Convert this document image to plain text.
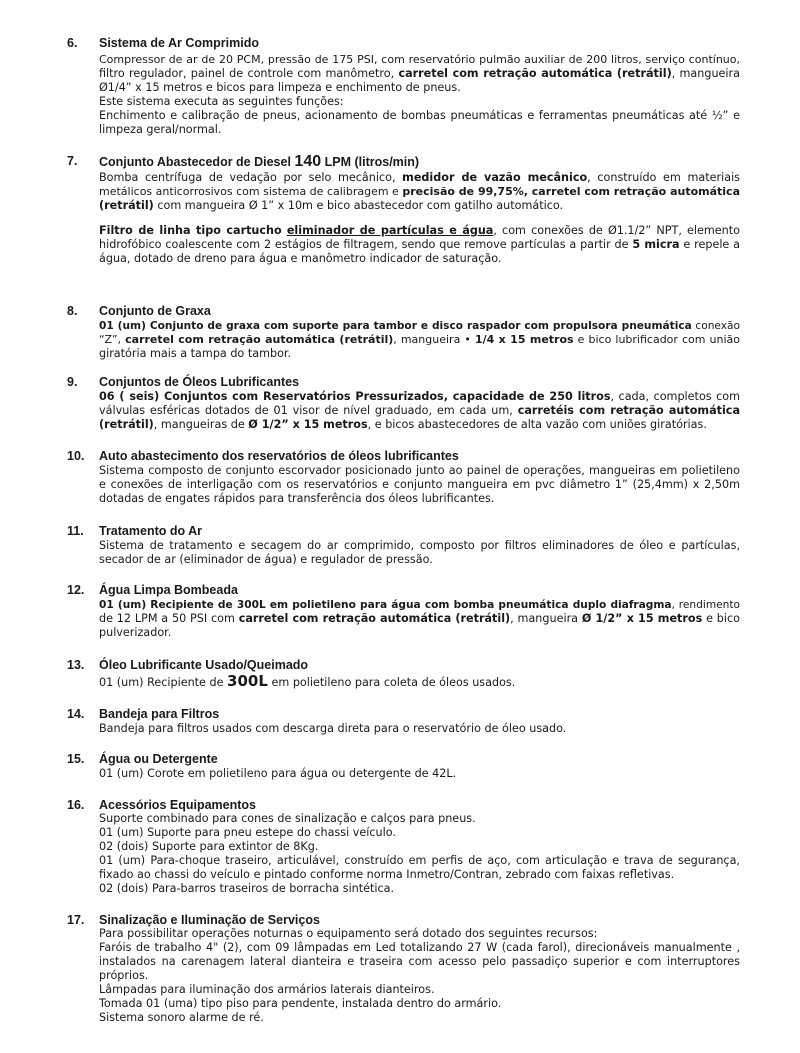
6. Sistema de Ar Comprimido
Compressor de ar de 20 PCM, pressão de 175 PSI, com reservatório pulmão auxiliar de 200 litros, serviço contínuo,
filtro regulador, painel de controle com manômetro, carretel com retração automática (retrátil), mangueira
Ø1/4” x 15 metros e bicos para limpeza e enchimento de pneus.
Este sistema executa as seguintes funções:
Enchimento e calibração de pneus, acionamento de bombas pneumáticas e ferramentas pneumáticas até ½” e
limpeza geral/normal.
7. Conjunto Abastecedor de Diesel 140 LPM (litros/min)
Bomba centrífuga de vedação por selo mecânico, medidor de vazão mecânico, construído em materiais
metálicos anticorrosivos com sistema de calibragem e precisão de 99,75%, carretel com retração automática
(retrátil) com mangueira Ø 1” x 10m e bico abastecedor com gatilho automático.
Filtro de linha tipo cartucho eliminador de partículas e água, com conexões de Ø1.1/2” NPT, elemento
hidrofóbico coalescente com 2 estágios de filtragem, sendo que remove partículas a partir de 5 micra e repele a
água, dotado de dreno para água e manômetro indicador de saturação.
8. Conjunto de Graxa
01 (um) Conjunto de graxa com suporte para tambor e disco raspador com propulsora pneumática conexão
“Z”, carretel com retração automática (retrátil), mangueira • 1/4 x 15 metros e bico lubrificador com união
giratória mais a tampa do tambor.
9. Conjuntos de Óleos Lubrificantes
06 ( seis) Conjuntos com Reservatórios Pressurizados, capacidade de 250 litros, cada, completos com
válvulas esféricas dotados de 01 visor de nível graduado, em cada um, carretéis com retração automática
(retrátil), mangueiras de Ø 1/2” x 15 metros, e bicos abastecedores de alta vazão com uniões giratórias.
10. Auto abastecimento dos reservatórios de óleos lubrificantes
Sistema composto de conjunto escorvador posicionado junto ao painel de operações, mangueiras em polietileno
e conexões de interligação com os reservatórios e conjunto mangueira em pvc diâmetro 1” (25,4mm) x 2,50m
dotadas de engates rápidos para transferência dos óleos lubrificantes.
11. Tratamento do Ar
Sistema de tratamento e secagem do ar comprimido, composto por filtros eliminadores de óleo e partículas,
secador de ar (eliminador de água) e regulador de pressão.
12. Água Limpa Bombeada
01 (um) Recipiente de 300L em polietileno para água com bomba pneumática duplo diafragma, rendimento
de 12 LPM a 50 PSI com carretel com retração automática (retrátil), mangueira Ø 1/2” x 15 metros e bico
pulverizador.
13. Óleo Lubrificante Usado/Queimado
01 (um) Recipiente de 300L em polietileno para coleta de óleos usados.
14. Bandeja para Filtros
Bandeja para filtros usados com descarga direta para o reservatório de óleo usado.
15. Água ou Detergente
01 (um) Corote em polietileno para água ou detergente de 42L.
16. Acessórios Equipamentos
Suporte combinado para cones de sinalização e calços para pneus.
01 (um) Suporte para pneu estepe do chassi veículo.
02 (dois) Suporte para extintor de 8Kg.
01 (um) Para-choque traseiro, articulável, construído em perfis de aço, com articulação e trava de segurança,
fixado ao chassi do veículo e pintado conforme norma Inmetro/Contran, zebrado com faixas refletivas.
02 (dois) Para-barros traseiros de borracha sintética.
17. Sinalização e Iluminação de Serviços
Para possibilitar operações noturnas o equipamento será dotado dos seguintes recursos:
Faróis de trabalho 4" (2), com 09 lâmpadas em Led totalizando 27 W (cada farol), direcionáveis manualmente ,
instalados na carenagem lateral dianteira e traseira com acesso pelo passadiço superior e com interruptores
próprios.
Lâmpadas para iluminação dos armários laterais dianteiros.
Tomada 01 (uma) tipo piso para pendente, instalada dentro do armário.
Sistema sonoro alarme de ré.
